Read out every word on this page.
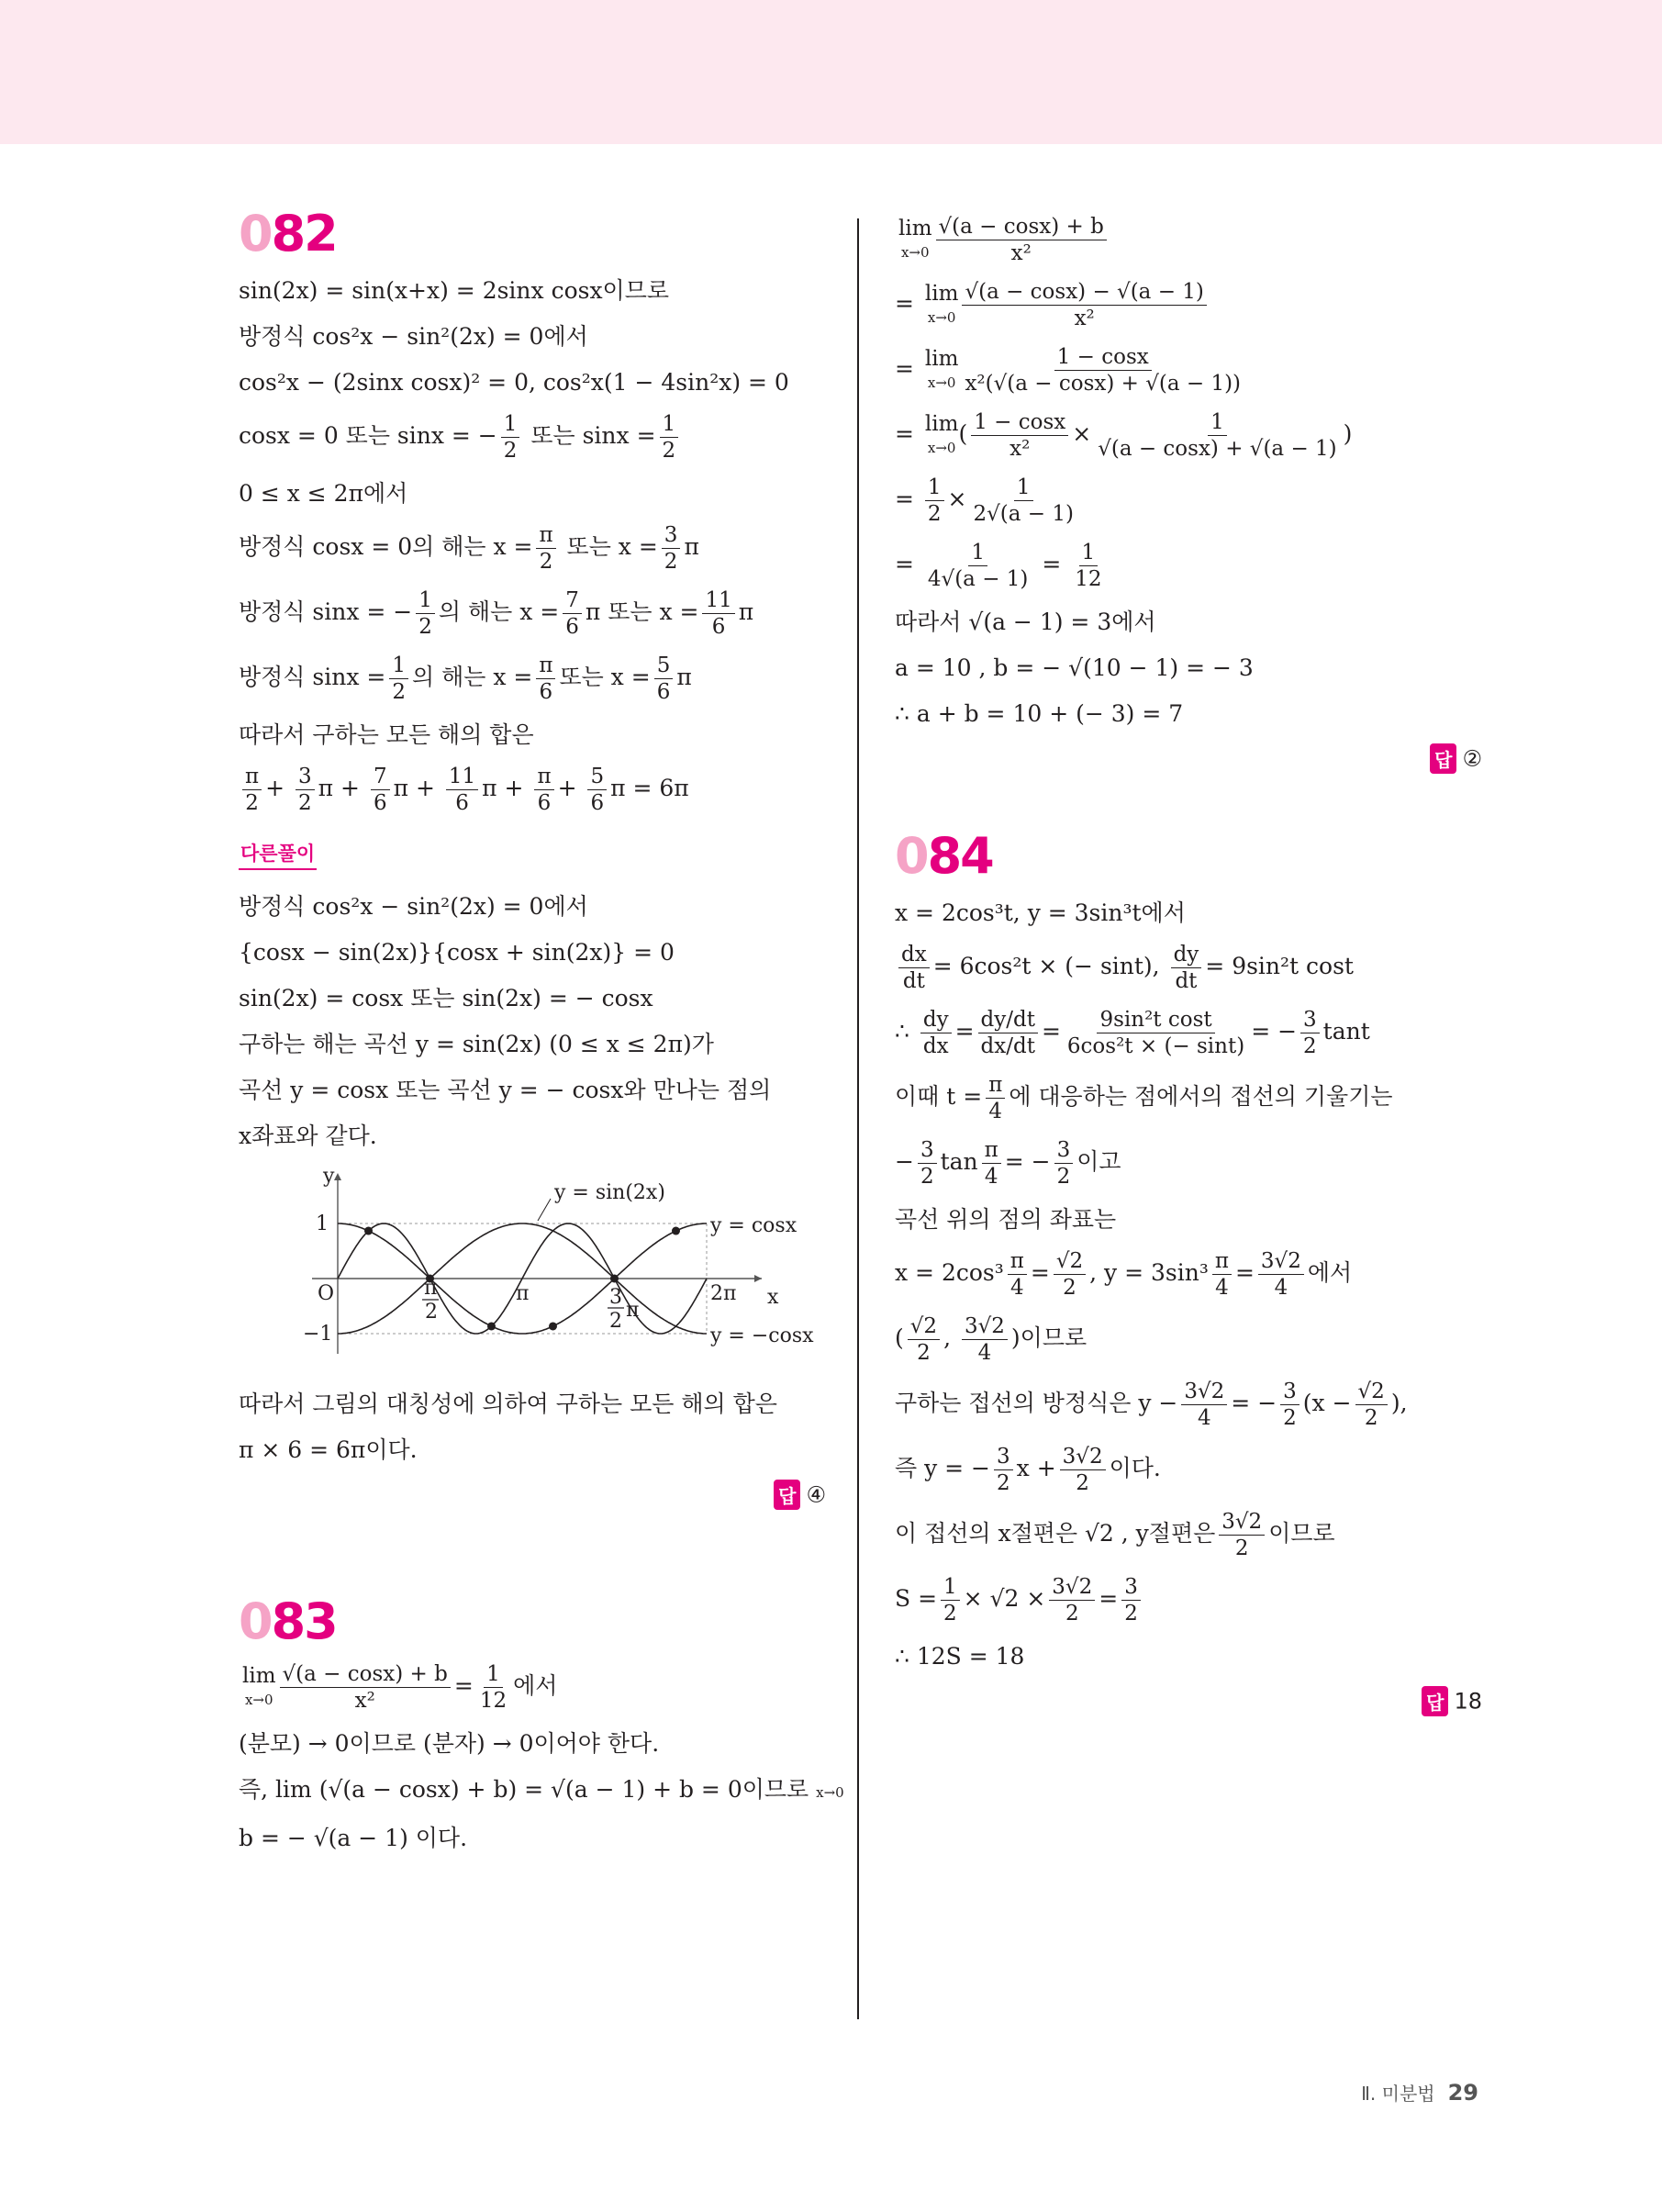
082
sin(2x) = sin(x+x) = 2sinx cosx이므로
방정식 cos²x − sin²(2x) = 0에서
cos²x − (2sinx cosx)² = 0, cos²x(1 − 4sin²x) = 0
cosx = 0 또는 sinx = − $\frac{1}{2}$ 또는 $\sin x = \frac{1}{2}$
0 ≤ x ≤ 2π에서
방정식 cosx = 0의 해는 $x = \frac{\pi}{2}$ 또는 $x = \frac{3}{2}$ π
방정식 sinx = − $\frac{1}{2}$ 의 해는 $x = \frac{7}{6}$ π 또는 $x = \frac{11}{6}$ π
방정식 $\sin x = \frac{1}{2}$ 의 해는 $x = \frac{\pi}{6}$ 또는 $x = \frac{5}{6}$ π
따라서 구하는 모든 해의 합은
$\frac{\pi}{2} + \frac{3}{2}$ $\pi + \frac{7}{6}$ $\pi + \frac{11}{6}$ $\pi + \frac{\pi}{6} + \frac{5}{6}$ π = 6π
다른풀이
방정식 cos²x − sin²(2x) = 0에서
{cosx − sin(2x)}{cosx + sin(2x)} = 0
sin(2x) = cosx 또는 sin(2x) = − cosx
구하는 해는 곡선 y = sin(2x) (0 ≤ x ≤ 2π)가
곡선 y = cosx 또는 곡선 y = − cosx와 만나는 점의
x좌표와 같다.
y
x
O
1
−1
π	2π
π
2
3
2 π
y = sin(2x)
y = cosx
y = −cosx
따라서 그림의 대칭성에 의하여 구하는 모든 해의 합은
π × 6 = 6π이다.
답 ④
083
lim
$x\to 0 \frac{√(a - \cos x) + b}{\text{x²}} = \frac{1}{12}$ 에서
(분모) → 0이므로 (분자) → 0이어야 한다.
즉, lim (√(a − cosx) + b) = √(a − 1) + b = 0이므로 x→0
b = − √(a − 1) 이다.
lim
$x\to 0 \frac{√(a - \cos x) + b}{\text{x²}}$
= lim
$x\to 0 \frac{√(a - \cos x) - √(a - 1)}{\text{x²}}$
= lim
$x\to 0 \frac{1 - \cos x}{\text{x²(√(a − cosx) + √(a − 1))}}$
= lim
x→0
( $\frac{1 - \cos x}{\text{x²}} \times \frac{1}{√(a - \cos x) + √(a - 1)}$ )
= $\frac{1}{2} \times \frac{1}{2√(a - 1)}$
= $\frac{1}{4√(a - 1)} = \frac{1}{12}$
따라서 √(a − 1) = 3에서
a = 10 , b = − √(10 − 1) = − 3
∴ a + b = 10 + (− 3) = 7
답 ②
084
x = 2cos³t, y = 3sin³t에서
$\frac{dx}{dt} = 6\cos^2t$ × (− sint), $\frac{dy}{dt} = 9\sin^2t$ cost
∴ $\frac{dy}{dx} = \frac{dy/dt}{dx/dt} = \frac{\text{9sin²t cost}}{\text{6cos²t × (− sint)}}$ = − $\frac{3}{2}$ tant
이때 $t = \frac{\pi}{4}$ 에 대응하는 점에서의 접선의 기울기는
− $\frac{3}{2}$ $\tan \frac{\pi}{4}$ = − $\frac{3}{2}$ 이고
곡선 위의 점의 좌표는
$x = 2\cos^3 \frac{\pi}{4} = \frac{√2}{2}$ , $y = 3\sin^3 \frac{\pi}{4} = \frac{3√2}{4}$ 에서
( $\frac{√2}{2}$ , $\frac{3√2}{4}$ )이므로
구하는 접선의 방정식은 $y - \frac{3√2}{4}$ = − $\frac{3}{2} (x - \frac{√2}{2}$ ),
즉 y = − $\frac{3}{2}$ $x + \frac{3√2}{2}$ 이다.
이 접선의 x절편은 √2 , y절편은 $\frac{3√2}{2}$ 이므로
$S = \frac{1}{2} \times √2 \times \frac{3√2}{2} = \frac{3}{2}$
∴ 12S = 18
답 18
Ⅱ. 미분법 29
